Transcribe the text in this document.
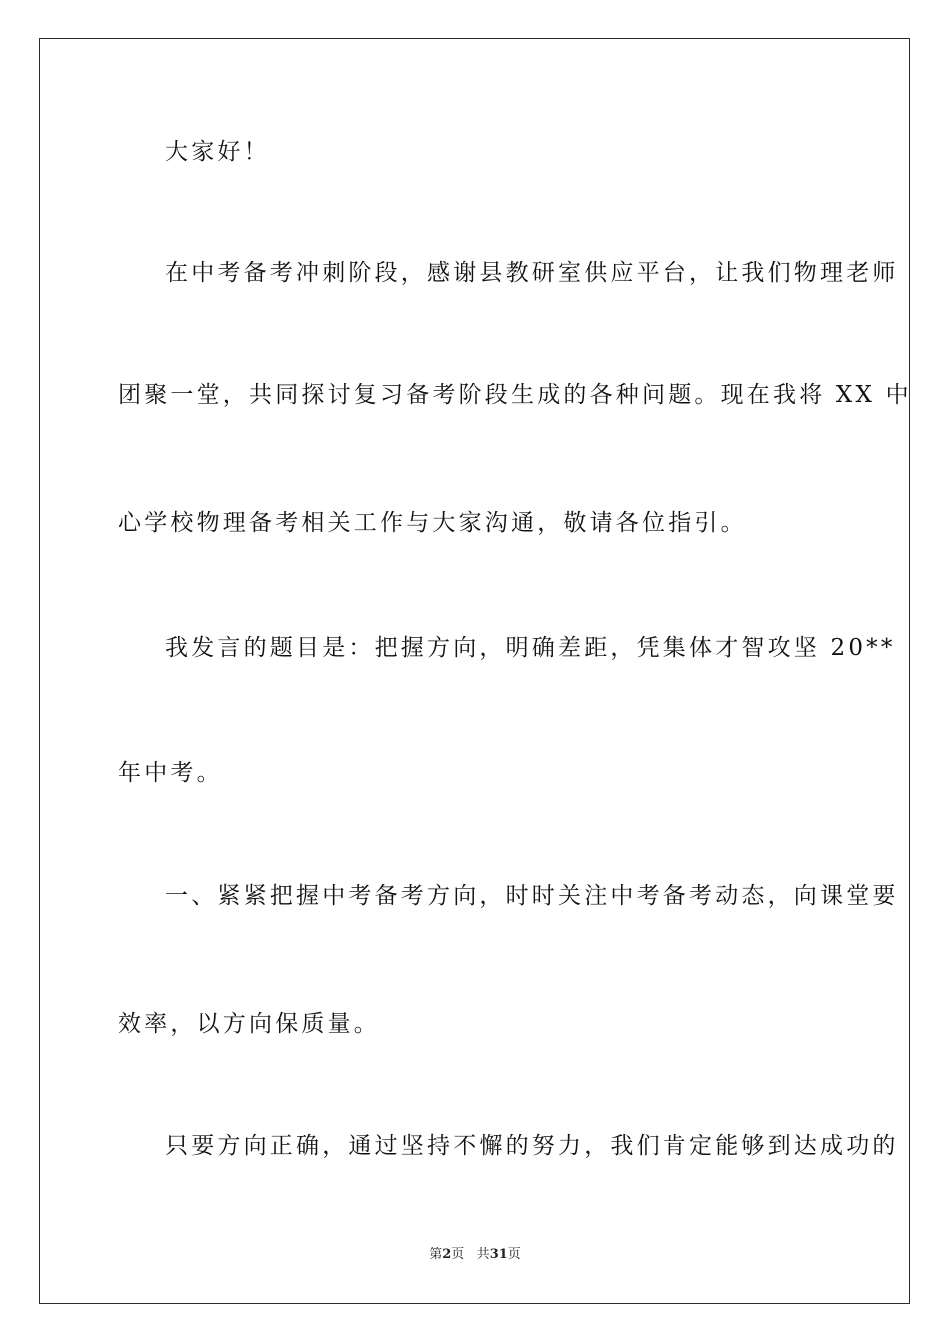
大家好！
在中考备考冲刺阶段，感谢县教研室供应平台，让我们物理老师
团聚一堂，共同探讨复习备考阶段生成的各种问题。现在我将 XX 中
心学校物理备考相关工作与大家沟通，敬请各位指引。
我发言的题目是：把握方向，明确差距，凭集体才智攻坚 20**
年中考。
一、紧紧把握中考备考方向，时时关注中考备考动态，向课堂要
效率，以方向保质量。
只要方向正确，通过坚持不懈的努力，我们肯定能够到达成功的
第2页 共31页
